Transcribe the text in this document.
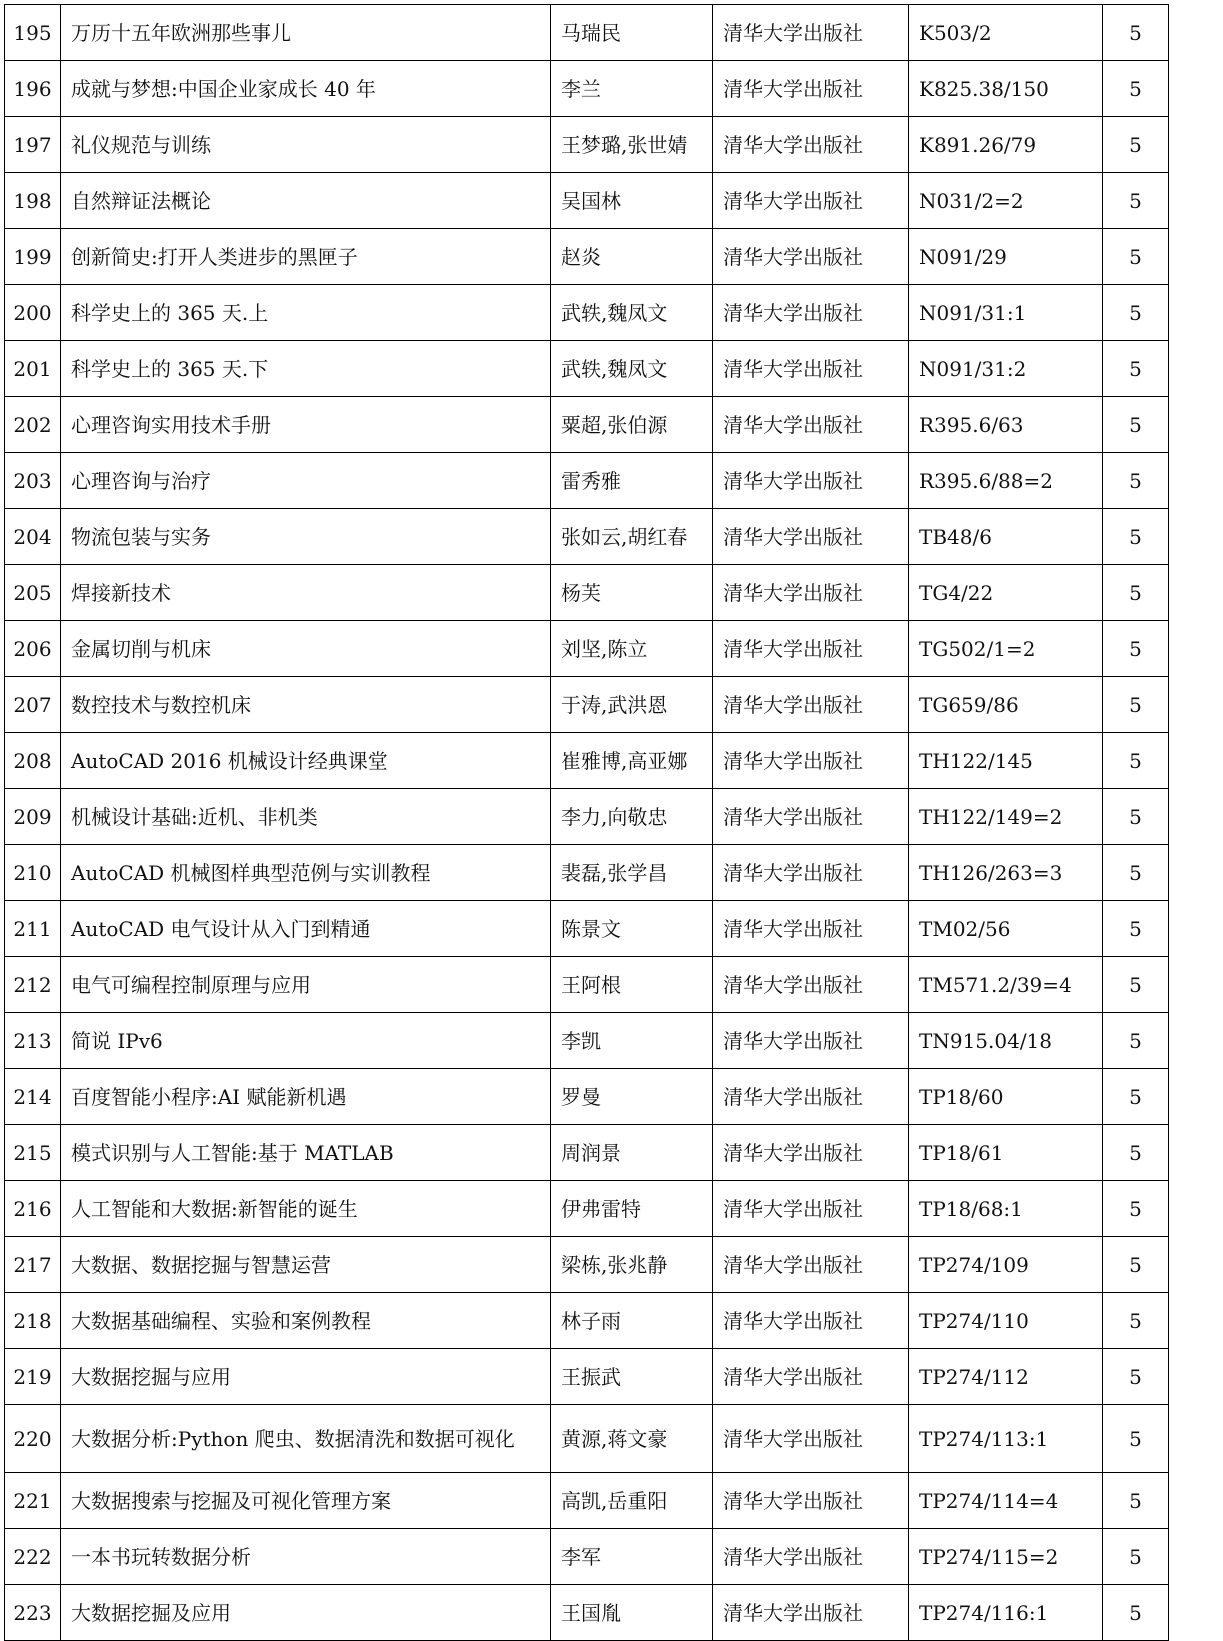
195	万历十五年欧洲那些事儿	马瑞民	清华大学出版社	K503/2	5
196	成就与梦想:中国企业家成长 40 年	李兰	清华大学出版社	K825.38/150	5
197	礼仪规范与训练	王梦璐,张世婧	清华大学出版社	K891.26/79	5
198	自然辩证法概论	吴国林	清华大学出版社	N031/2=2	5
199	创新简史:打开人类进步的黑匣子	赵炎	清华大学出版社	N091/29	5
200	科学史上的 365 天.上	武轶,魏凤文	清华大学出版社	N091/31:1	5
201	科学史上的 365 天.下	武轶,魏凤文	清华大学出版社	N091/31:2	5
202	心理咨询实用技术手册	粟超,张伯源	清华大学出版社	R395.6/63	5
203	心理咨询与治疗	雷秀雅	清华大学出版社	R395.6/88=2	5
204	物流包装与实务	张如云,胡红春	清华大学出版社	TB48/6	5
205	焊接新技术	杨芙	清华大学出版社	TG4/22	5
206	金属切削与机床	刘坚,陈立	清华大学出版社	TG502/1=2	5
207	数控技术与数控机床	于涛,武洪恩	清华大学出版社	TG659/86	5
208	AutoCAD 2016 机械设计经典课堂	崔雅博,高亚娜	清华大学出版社	TH122/145	5
209	机械设计基础:近机、非机类	李力,向敬忠	清华大学出版社	TH122/149=2	5
210	AutoCAD 机械图样典型范例与实训教程	裴磊,张学昌	清华大学出版社	TH126/263=3	5
211	AutoCAD 电气设计从入门到精通	陈景文	清华大学出版社	TM02/56	5
212	电气可编程控制原理与应用	王阿根	清华大学出版社	TM571.2/39=4	5
213	简说 IPv6	李凯	清华大学出版社	TN915.04/18	5
214	百度智能小程序:AI 赋能新机遇	罗曼	清华大学出版社	TP18/60	5
215	模式识别与人工智能:基于 MATLAB	周润景	清华大学出版社	TP18/61	5
216	人工智能和大数据:新智能的诞生	伊弗雷特	清华大学出版社	TP18/68:1	5
217	大数据、数据挖掘与智慧运营	梁栋,张兆静	清华大学出版社	TP274/109	5
218	大数据基础编程、实验和案例教程	林子雨	清华大学出版社	TP274/110	5
219	大数据挖掘与应用	王振武	清华大学出版社	TP274/112	5
220	大数据分析:Python 爬虫、数据清洗和数据可视化	黄源,蒋文豪	清华大学出版社	TP274/113:1	5
221	大数据搜索与挖掘及可视化管理方案	高凯,岳重阳	清华大学出版社	TP274/114=4	5
222	一本书玩转数据分析	李军	清华大学出版社	TP274/115=2	5
223	大数据挖掘及应用	王国胤	清华大学出版社	TP274/116:1	5
